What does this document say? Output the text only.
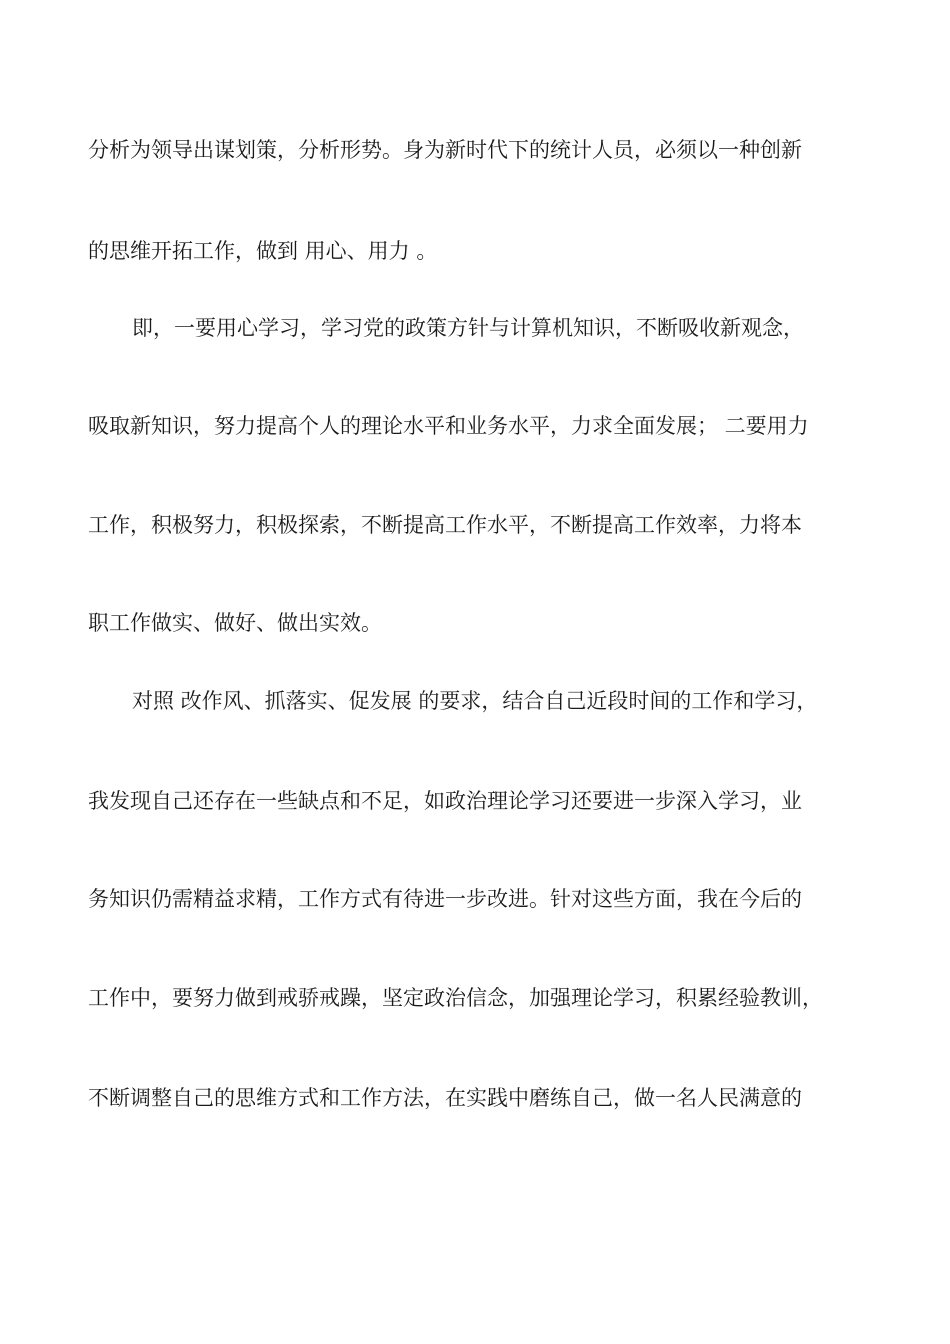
分析为领导出谋划策，分析形势。身为新时代下的统计人员，必须以一种创新
的思维开拓工作，做到 用心、用力 。
即，一要用心学习，学习党的政策方针与计算机知识，不断吸收新观念，
吸取新知识，努力提高个人的理论水平和业务水平，力求全面发展； 二要用力
工作，积极努力，积极探索，不断提高工作水平，不断提高工作效率，力将本
职工作做实、做好、做出实效。
对照 改作风、抓落实、促发展 的要求，结合自己近段时间的工作和学习，
我发现自己还存在一些缺点和不足，如政治理论学习还要进一步深入学习，业
务知识仍需精益求精，工作方式有待进一步改进。针对这些方面，我在今后的
工作中，要努力做到戒骄戒躁，坚定政治信念，加强理论学习，积累经验教训，
不断调整自己的思维方式和工作方法，在实践中磨练自己，做一名人民满意的
